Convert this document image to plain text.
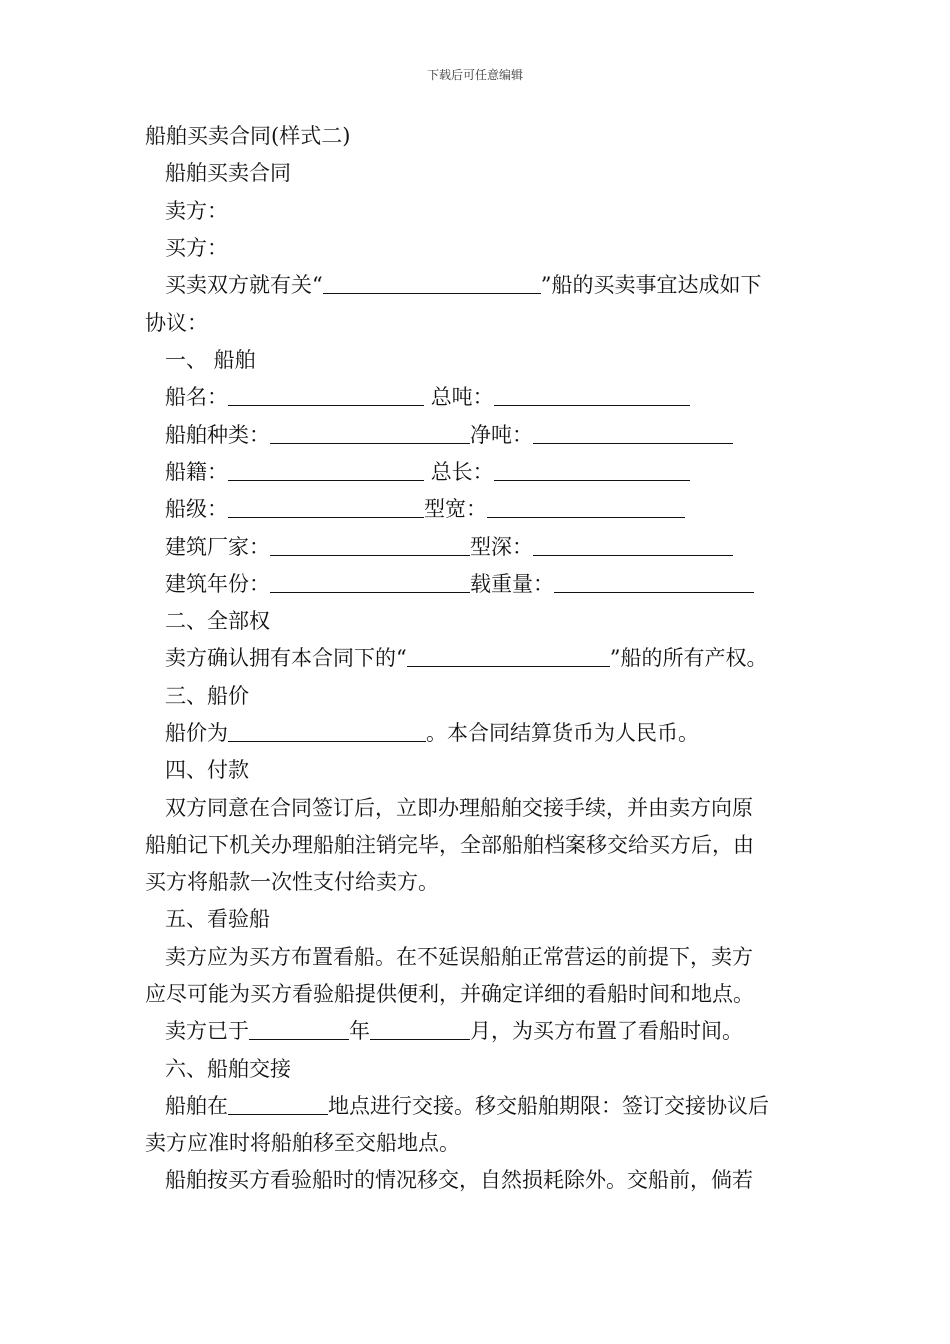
下载后可任意编辑
船舶买卖合同(样式二)
船舶买卖合同
卖方：
买方：
买卖双方就有关“	”船的买卖事宜达成如下
协议：
一、 船舶
船名：	总吨：
船舶种类：	净吨：
船籍：	总长：
船级：	型宽：
建筑厂家：	型深：
建筑年份：	载重量：
二、全部权
卖方确认拥有本合同下的“	”船的所有产权。
三、船价
船价为	。本合同结算货币为人民币。
四、付款
双方同意在合同签订后，立即办理船舶交接手续，并由卖方向原
船舶记下机关办理船舶注销完毕，全部船舶档案移交给买方后，由
买方将船款一次性支付给卖方。
五、看验船
卖方应为买方布置看船。在不延误船舶正常营运的前提下，卖方
应尽可能为买方看验船提供便利，并确定详细的看船时间和地点。
卖方已于	年	月，为买方布置了看船时间。
六、船舶交接
船舶在	地点进行交接。移交船舶期限：签订交接协议后
卖方应准时将船舶移至交船地点。
船舶按买方看验船时的情况移交，自然损耗除外。交船前，倘若
